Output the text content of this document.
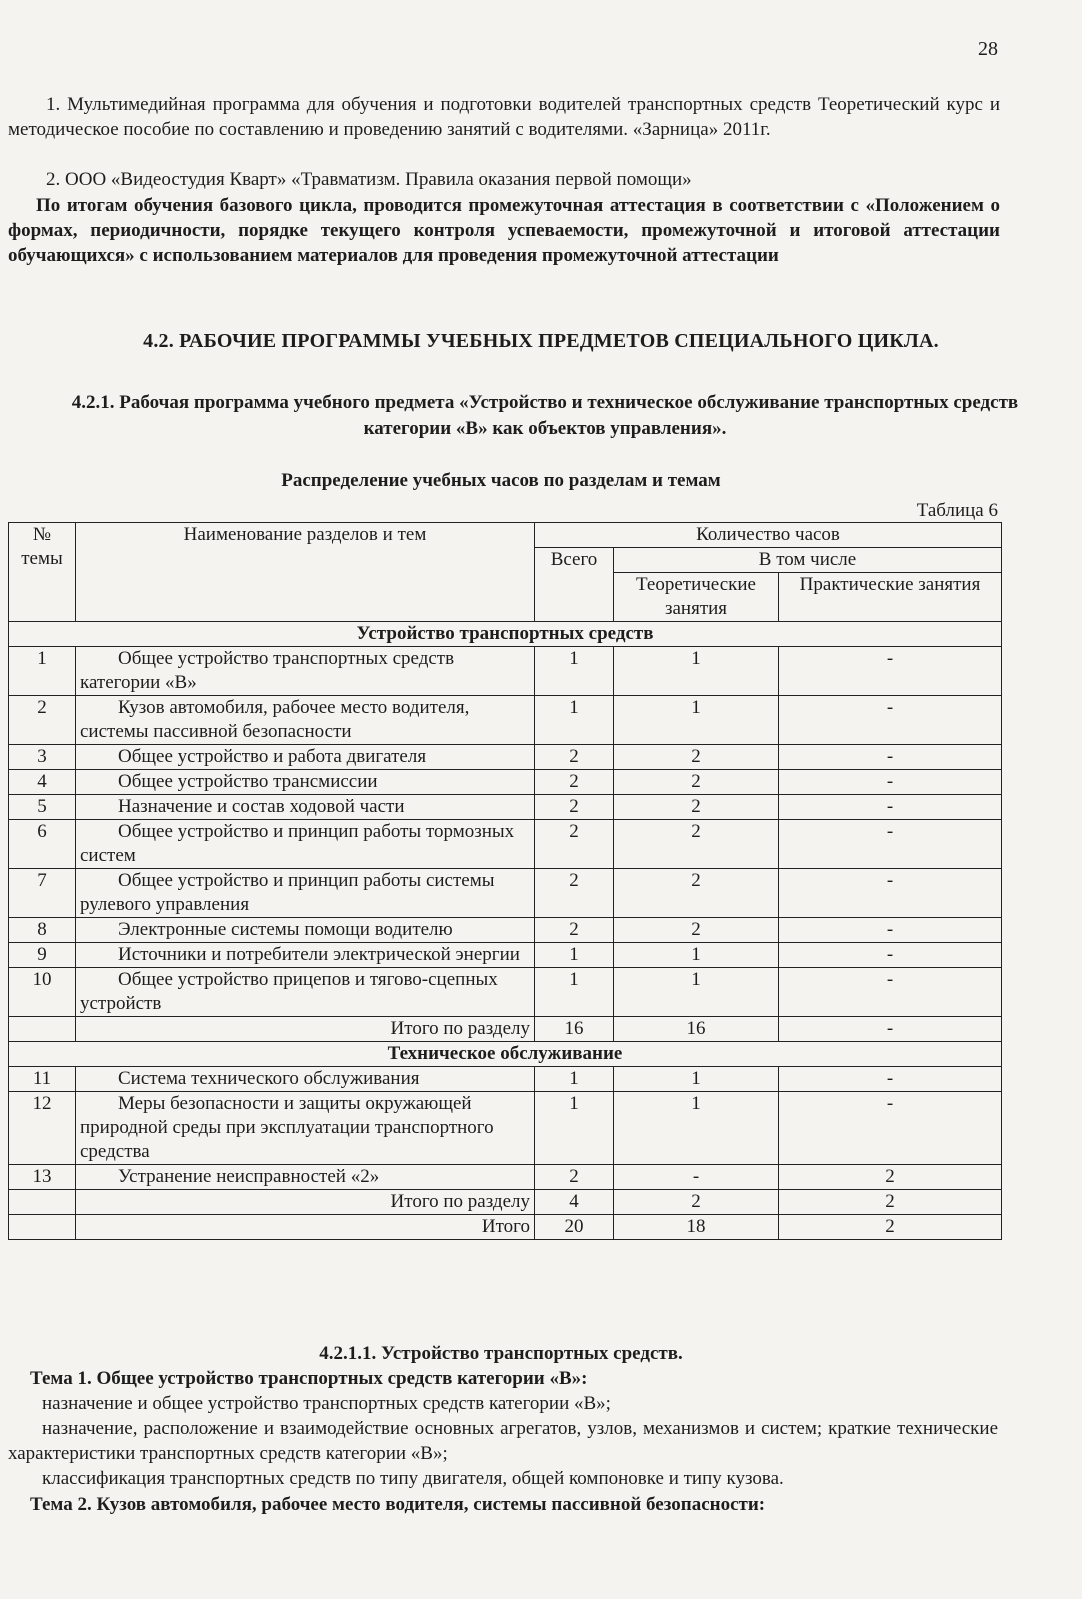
28
1. Мультимедийная программа для обучения и подготовки водителей транспортных средств Теоретический курс и методическое пособие по составлению и проведению занятий с водителями. «Зарница» 2011г.
2. ООО «Видеостудия Кварт» «Травматизм. Правила оказания первой помощи»
По итогам обучения базового цикла, проводится промежуточная аттестация в соответствии с «Положением о формах, периодичности, порядке текущего контроля успеваемости, промежуточной и итоговой аттестации обучающихся» с использованием материалов для проведения промежуточной аттестации
4.2. РАБОЧИЕ ПРОГРАММЫ УЧЕБНЫХ ПРЕДМЕТОВ СПЕЦИАЛЬНОГО ЦИКЛА.
4.2.1. Рабочая программа учебного предмета «Устройство и техническое обслуживание транспортных средств категории «В» как объектов управления».
Распределение учебных часов по разделам и темам
Таблица 6
№ темы	Наименование разделов и тем	Количество часов		
		Всего	В том числе	
			Теоретические занятия	Практические занятия
Устройство транспортных средств				
1	Общее устройство транспортных средств категории «В»	1	1	-
2	Кузов автомобиля, рабочее место водителя, системы пассивной безопасности	1	1	-
3	Общее устройство и работа двигателя	2	2	-
4	Общее устройство трансмиссии	2	2	-
5	Назначение и состав ходовой части	2	2	-
6	Общее устройство и принцип работы тормозных систем	2	2	-
7	Общее устройство и принцип работы системы рулевого управления	2	2	-
8	Электронные системы помощи водителю	2	2	-
9	Источники и потребители электрической энергии	1	1	-
10	Общее устройство прицепов и тягово-сцепных устройств	1	1	-
	Итого по разделу	16	16	-
Техническое обслуживание				
11	Система технического обслуживания	1	1	-
12	Меры безопасности и защиты окружающей природной среды при эксплуатации транспортного средства	1	1	-
13	Устранение неисправностей «2»	2	-	2
	Итого по разделу	4	2	2
	Итого	20	18	2
4.2.1.1. Устройство транспортных средств.
Тема 1. Общее устройство транспортных средств категории «В»:
назначение и общее устройство транспортных средств категории «В»;
назначение, расположение и взаимодействие основных агрегатов, узлов, механизмов и систем; краткие технические характеристики транспортных средств категории «В»;
классификация транспортных средств по типу двигателя, общей компоновке и типу кузова.
Тема 2. Кузов автомобиля, рабочее место водителя, системы пассивной безопасности:
